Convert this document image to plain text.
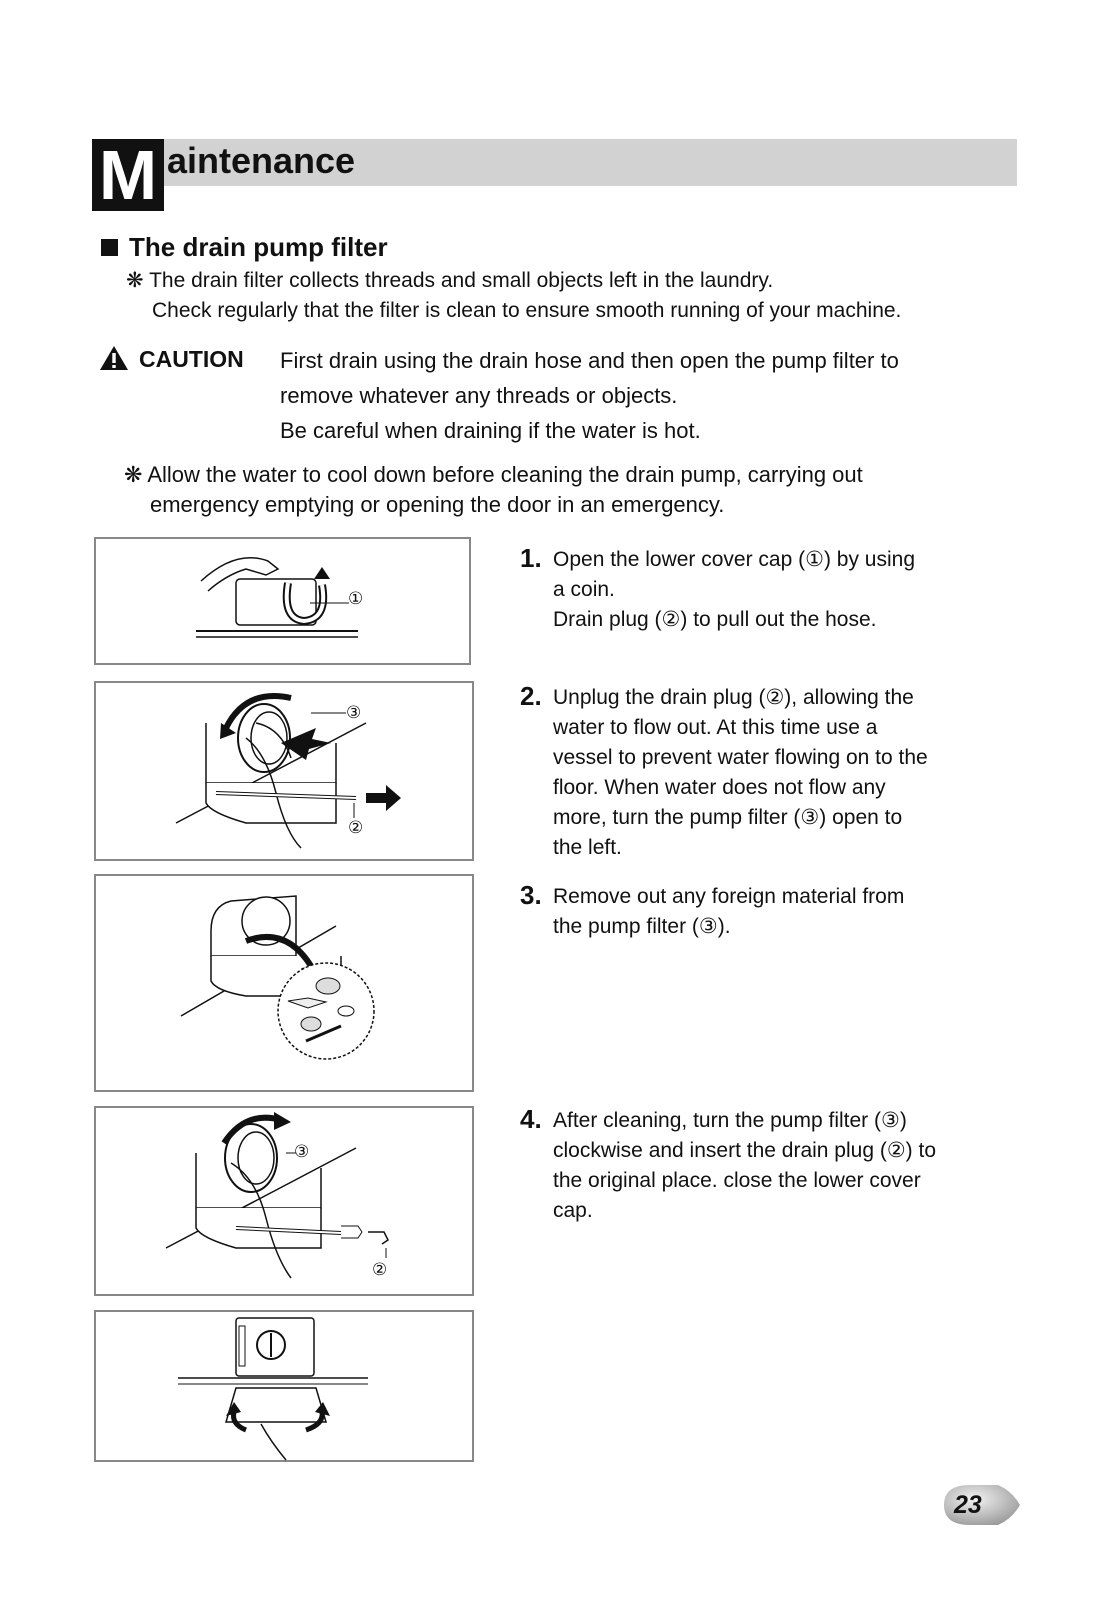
M aintenance
The drain pump filter
❋ The drain filter collects threads and small objects left in the laundry.
Check regularly that the filter is clean to ensure smooth running of your machine.
CAUTION First drain using the drain hose and then open the pump filter to
remove whatever any threads or objects.
Be careful when draining if the water is hot.
❋ Allow the water to cool down before cleaning the drain pump, carrying out
emergency emptying or opening the door in an emergency.
①
③
②
③
②
1. Open the lower cover cap (①) by using
a coin.
Drain plug (②) to pull out the hose.
2. Unplug the drain plug (②), allowing the
water to flow out. At this time use a
vessel to prevent water flowing on to the
floor. When water does not flow any
more, turn the pump filter (③) open to
the left.
3. Remove out any foreign material from
the pump filter (③).
4. After cleaning, turn the pump filter (③)
clockwise and insert the drain plug (②) to
the original place. close the lower cover
cap.
23
